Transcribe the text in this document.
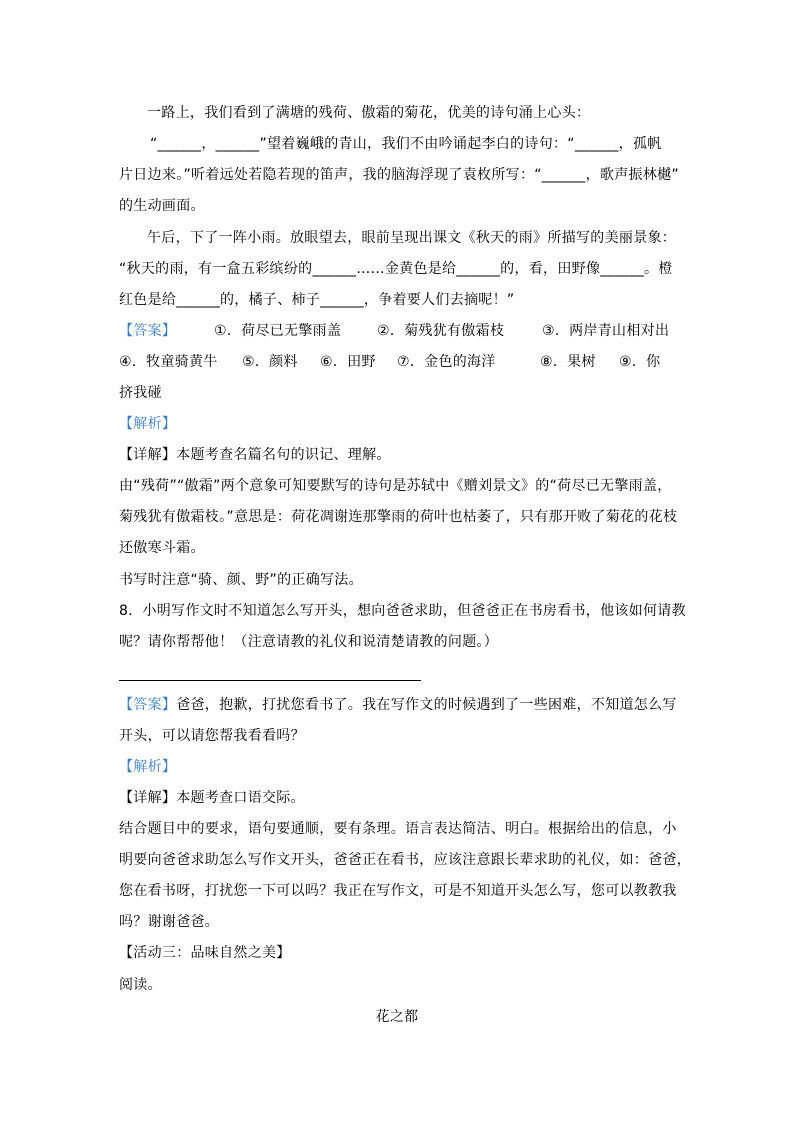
一路上，我们看到了满塘的残荷、傲霜的菊花，优美的诗句涌上心头：
“______，______”望着巍峨的青山，我们不由吟诵起李白的诗句：“______，孤帆
片日边来。”听着远处若隐若现的笛声，我的脑海浮现了袁枚所写：“______，歌声振林樾”
的生动画面。
午后，下了一阵小雨。放眼望去，眼前呈现出课文《秋天的雨》所描写的美丽景象：
“秋天的雨，有一盒五彩缤纷的______……金黄色是给______的，看，田野像______。橙
红色是给______的，橘子、柿子______，争着要人们去摘呢！”
【答案】	①．荷尽已无擎雨盖	②．菊残犹有傲霜枝	③．两岸青山相对出
④．牧童骑黄牛 ⑤．颜料 ⑥．田野 ⑦．金色的海洋	⑧．果树 ⑨．你
挤我碰
【解析】
【详解】本题考查名篇名句的识记、理解。
由“残荷”“傲霜”两个意象可知要默写的诗句是苏轼中《赠刘景文》的“荷尽已无擎雨盖，
菊残犹有傲霜枝。”意思是：荷花凋谢连那擎雨的荷叶也枯萎了，只有那开败了菊花的花枝
还傲寒斗霜。
书写时注意“骑、颜、野”的正确写法。
8．小明写作文时不知道怎么写开头，想向爸爸求助，但爸爸正在书房看书，他该如何请教
呢？请你帮帮他！（注意请教的礼仪和说清楚请教的问题。）
【答案】爸爸，抱歉，打扰您看书了。我在写作文的时候遇到了一些困难，不知道怎么写
开头，可以请您帮我看看吗？
【解析】
【详解】本题考查口语交际。
结合题目中的要求，语句要通顺，要有条理。语言表达简洁、明白。根据给出的信息，小
明要向爸爸求助怎么写作文开头，爸爸正在看书，应该注意跟长辈求助的礼仪，如：爸爸，
您在看书呀，打扰您一下可以吗？我正在写作文，可是不知道开头怎么写，您可以教教我
吗？谢谢爸爸。
【活动三：品味自然之美】
阅读。
花之都
